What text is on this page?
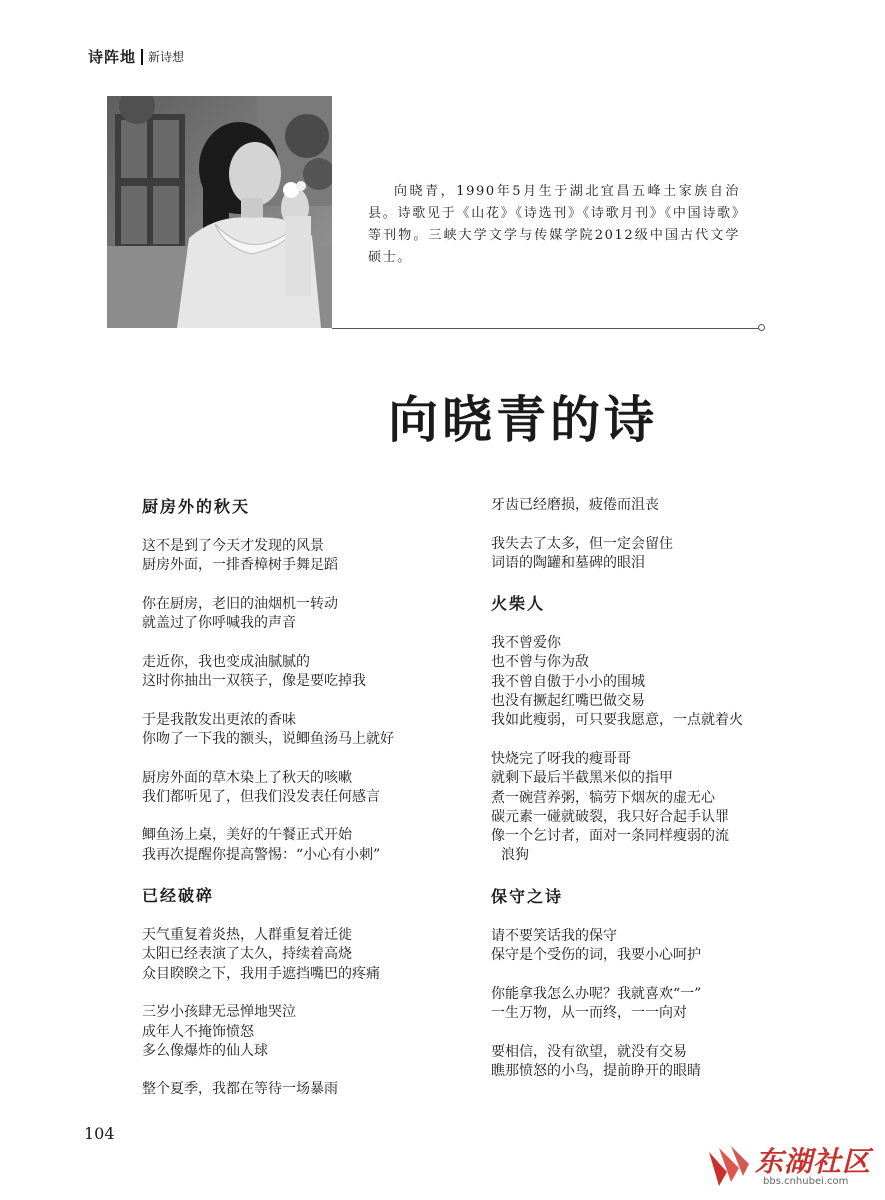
诗阵地 新诗想
向晓青，1990年5月生于湖北宜昌五峰土家族自治县。诗歌见于《山花》《诗选刊》《诗歌月刊》《中国诗歌》等刊物。三峡大学文学与传媒学院2012级中国古代文学硕士。
向晓青的诗
厨房外的秋天
这不是到了今天才发现的风景
厨房外面，一排香樟树手舞足蹈
你在厨房，老旧的油烟机一转动
就盖过了你呼喊我的声音
走近你，我也变成油腻腻的
这时你抽出一双筷子，像是要吃掉我
于是我散发出更浓的香味
你吻了一下我的额头，说鲫鱼汤马上就好
厨房外面的草木染上了秋天的咳嗽
我们都听见了，但我们没发表任何感言
鲫鱼汤上桌，美好的午餐正式开始
我再次提醒你提高警惕：“小心有小刺”
已经破碎
天气重复着炎热，人群重复着迁徙
太阳已经表演了太久，持续着高烧
众目睽睽之下，我用手遮挡嘴巴的疼痛
三岁小孩肆无忌惮地哭泣
成年人不掩饰愤怒
多么像爆炸的仙人球
整个夏季，我都在等待一场暴雨
牙齿已经磨损，疲倦而沮丧
我失去了太多，但一定会留住
词语的陶罐和墓碑的眼泪
火柴人
我不曾爱你
也不曾与你为敌
我不曾自傲于小小的围城
也没有撅起红嘴巴做交易
我如此瘦弱，可只要我愿意，一点就着火
快烧完了呀我的瘦哥哥
就剩下最后半截黑米似的指甲
煮一碗营养粥，犒劳下烟灰的虚无心
碳元素一碰就破裂，我只好合起手认罪
像一个乞讨者，面对一条同样瘦弱的流
浪狗
保守之诗
请不要笑话我的保守
保守是个受伤的词，我要小心呵护
你能拿我怎么办呢？我就喜欢“一”
一生万物，从一而终，一一向对
要相信，没有欲望，就没有交易
瞧那愤怒的小鸟，提前睁开的眼睛
104
东湖社区
bbs.cnhubei.com
